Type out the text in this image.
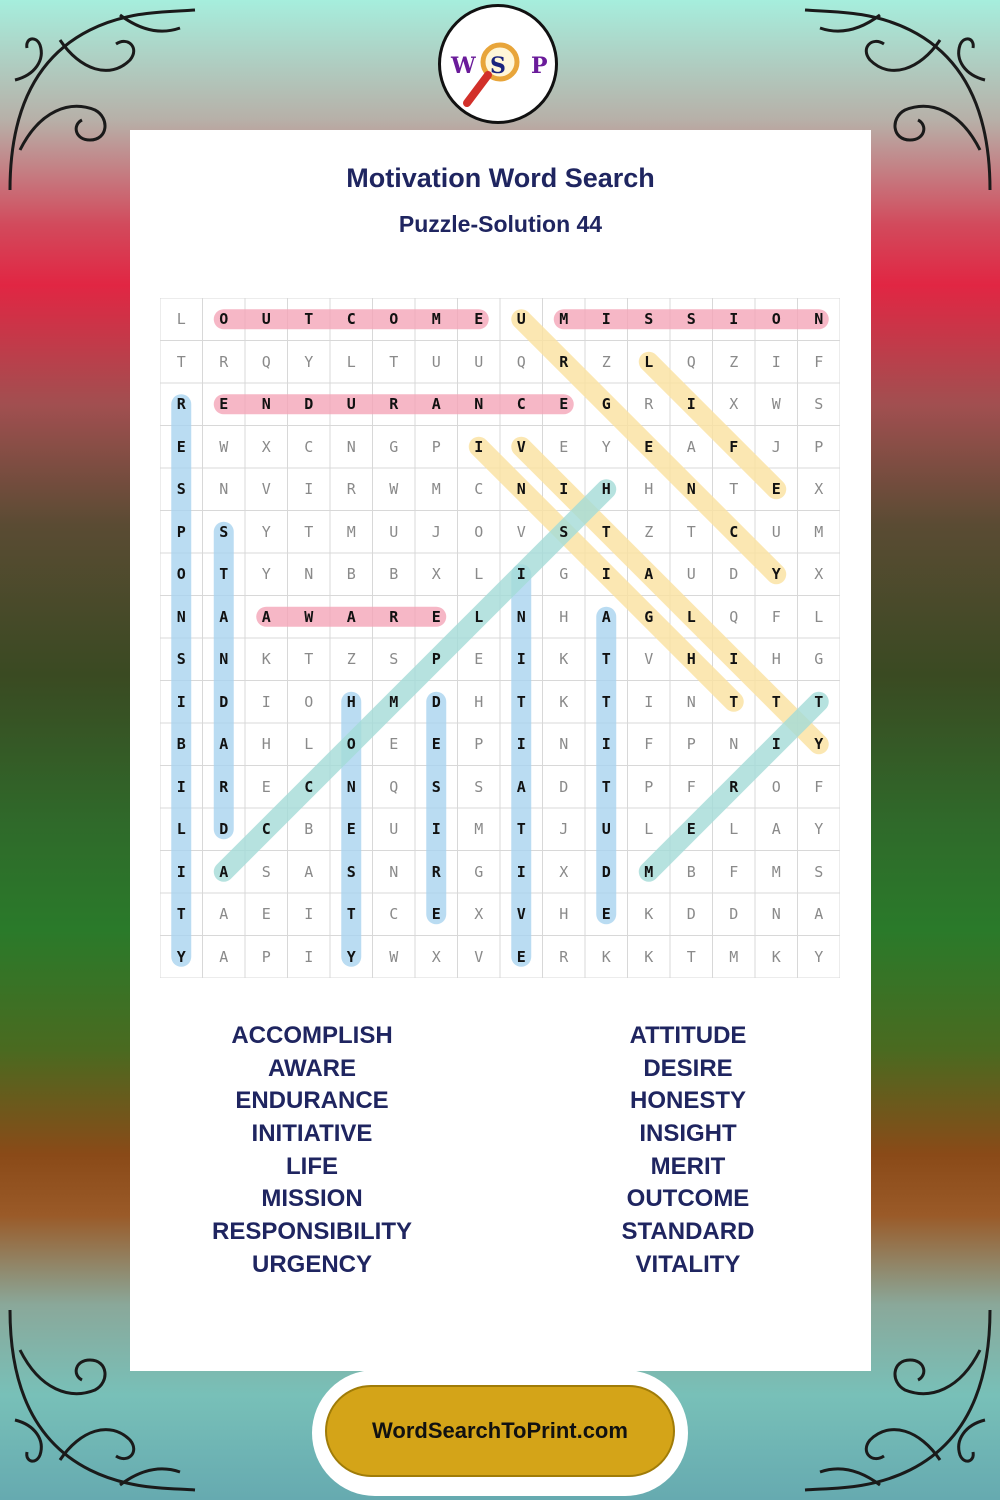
W S P
Motivation Word Search
Puzzle-Solution 44
L	O	U	T	C	O	M	E	U	M	I	S	S	I	O	N
T	R	Q	Y	L	T	U	U	Q	R	Z	L	Q	Z	I	F
R	E	N	D	U	R	A	N	C	E	G	R	I	X	W	S
E	W	X	C	N	G	P	I	V	E	Y	E	A	F	J	P
S	N	V	I	R	W	M	C	N	I	H	H	N	T	E	X
P	S	Y	T	M	U	J	O	V	S	T	Z	T	C	U	M
O	T	Y	N	B	B	X	L	I	G	I	A	U	D	Y	X
N	A	A	W	A	R	E	L	N	H	A	G	L	Q	F	L
S	N	K	T	Z	S	P	E	I	K	T	V	H	I	H	G
I	D	I	O	H	M	D	H	T	K	T	I	N	T	T	T
B	A	H	L	O	E	E	P	I	N	I	F	P	N	I	Y
I	R	E	C	N	Q	S	S	A	D	T	P	F	R	O	F
L	D	C	B	E	U	I	M	T	J	U	L	E	L	A	Y
I	A	S	A	S	N	R	G	I	X	D	M	B	F	M	S
T	A	E	I	T	C	E	X	V	H	E	K	D	D	N	A
Y	A	P	I	Y	W	X	V	E	R	K	K	T	M	K	Y
ACCOMPLISH
AWARE
ENDURANCE
INITIATIVE
LIFE
MISSION
RESPONSIBILITY
URGENCY
ATTITUDE
DESIRE
HONESTY
INSIGHT
MERIT
OUTCOME
STANDARD
VITALITY
WordSearchToPrint.com
